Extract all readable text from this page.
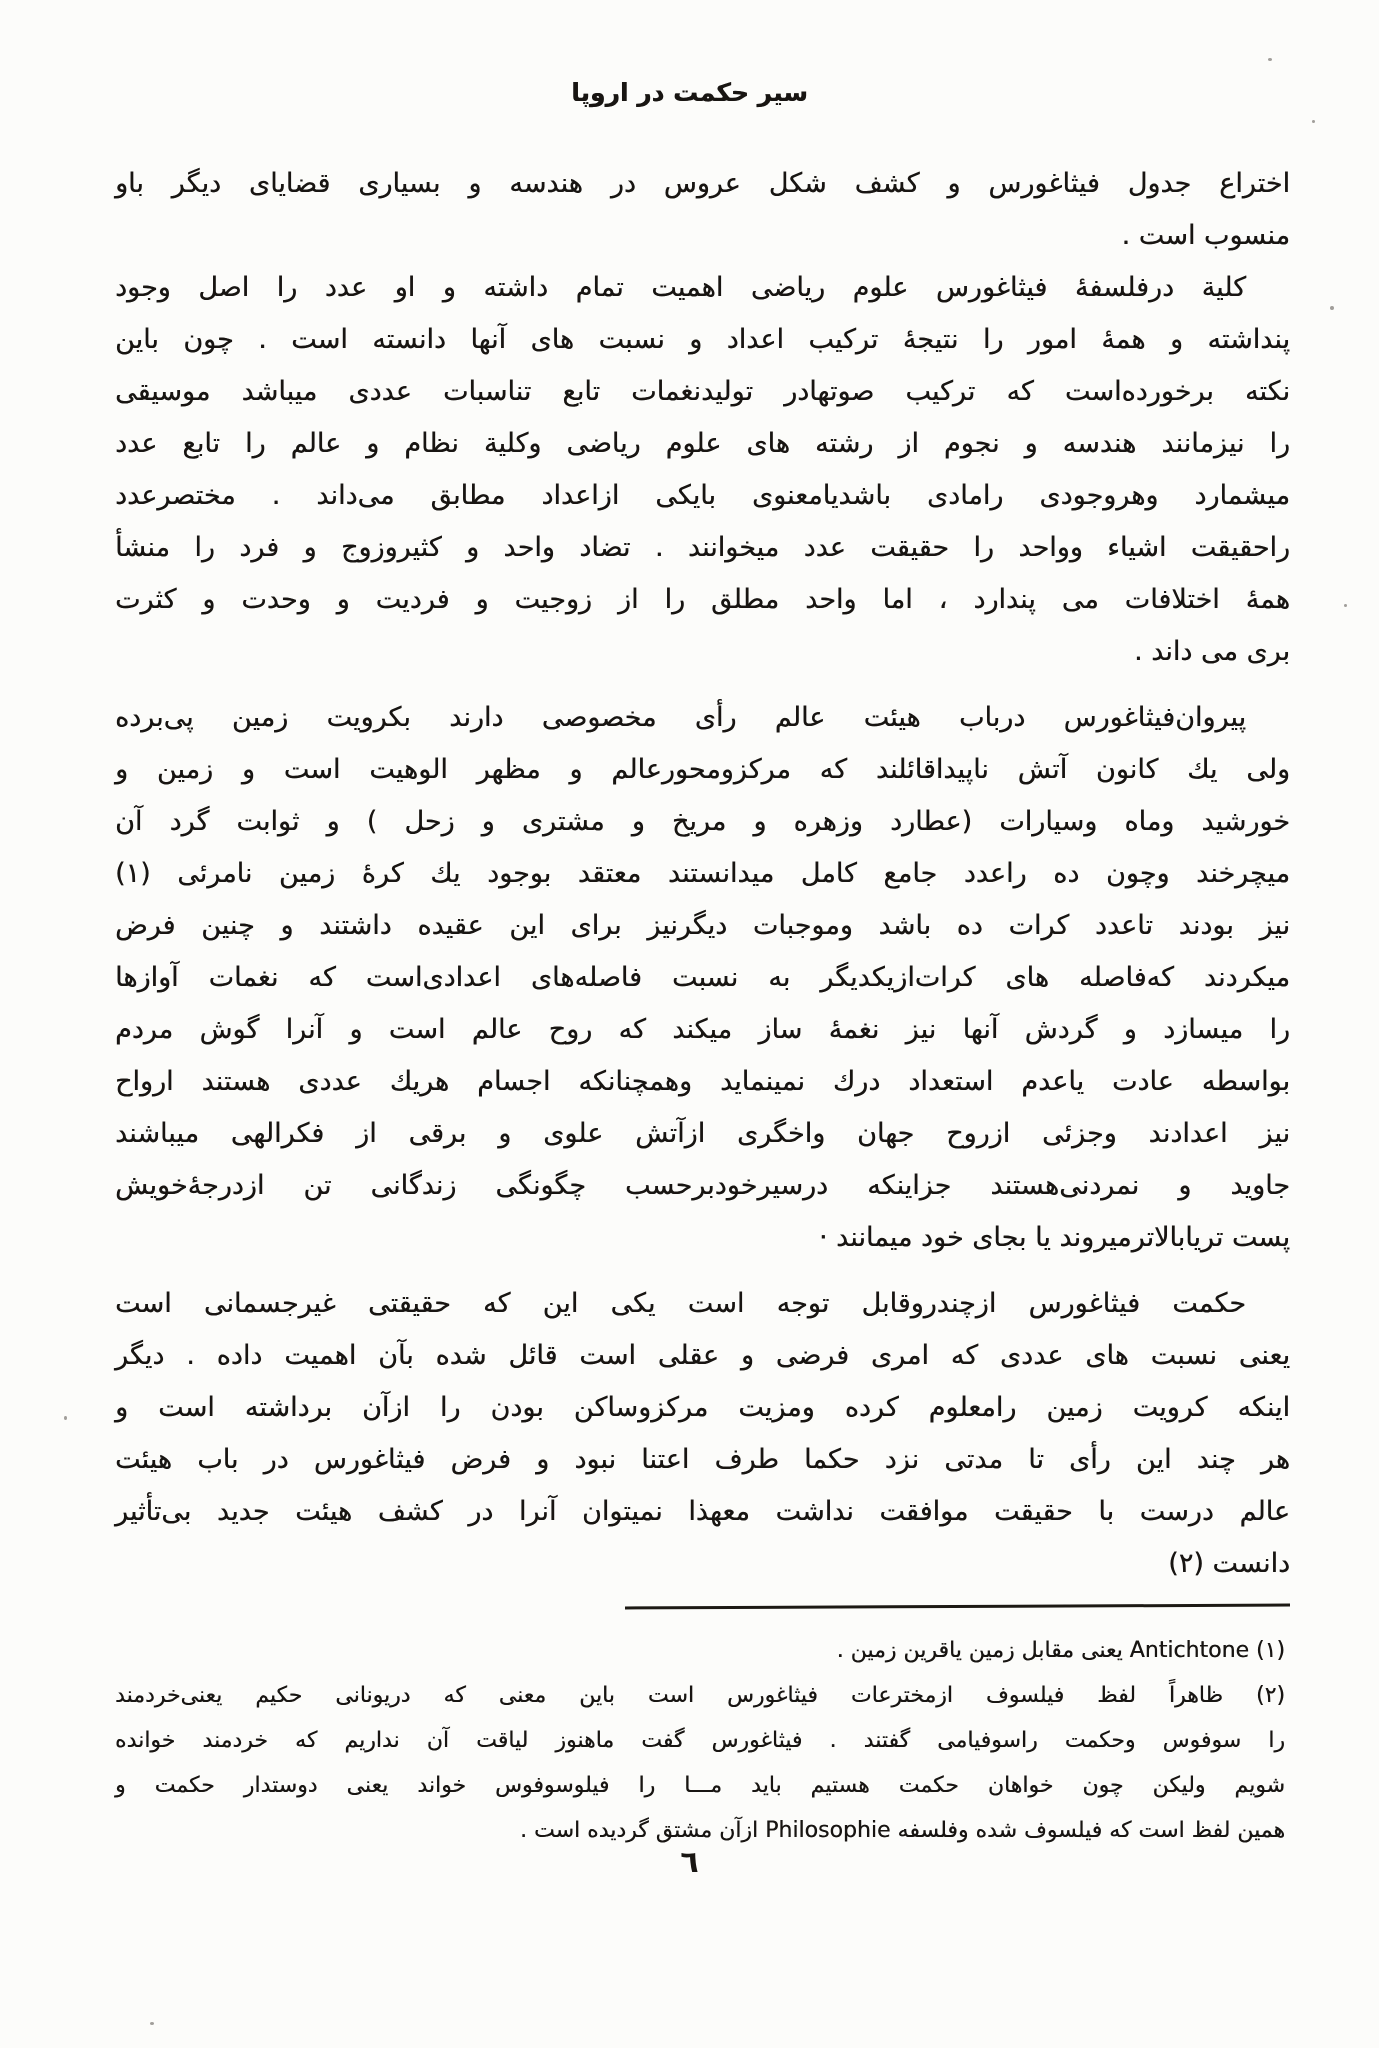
سیر حکمت در اروپا
اختراع جدول فیثاغورس و کشف شکل عروس در هندسه و بسیاری قضایای دیگر باو
منسوب است .
کلیة درفلسفهٔ فیثاغورس علوم ریاضی اهمیت تمام داشته و او عدد را اصل وجود
پنداشته و همهٔ امور را نتیجهٔ ترکیب اعداد و نسبت های آنها دانسته است . چون باین
نکته برخورده‌است که ترکیب صوتهادر تولیدنغمات تابع تناسبات عددی میباشد موسیقی
را نیزمانند هندسه و نجوم از رشته های علوم ریاضی وکلیة نظام و عالم را تابع عدد
میشمارد وهروجودی رامادی باشدیامعنوی بایکی ازاعداد مطابق می‌داند . مختصرعدد
راحقیقت اشیاء وواحد را حقیقت عدد میخوانند . تضاد واحد و کثیروزوج و فرد را منشأ
همهٔ اختلافات می پندارد ، اما واحد مطلق را از زوجیت و فردیت و وحدت و کثرت
بری می داند .
پیروان‌فیثاغورس درباب هیئت عالم رأی مخصوصی دارند بکرویت زمین پی‌برده
ولی یك کانون آتش ناپیداقائلند که مرکزومحورعالم و مظهر الوهیت است و زمین و
خورشید وماه وسیارات (عطارد وزهره و مریخ و مشتری و زحل ) و ثوابت گرد آن
میچرخند وچون ده راعدد جامع کامل میدانستند معتقد بوجود یك کرهٔ زمین نامرئی (۱)
نیز بودند تاعدد کرات ده باشد وموجبات دیگرنیز برای این عقیده داشتند و چنین فرض
میکردند که‌فاصله های کرات‌ازیکدیگر به نسبت فاصله‌های اعدادی‌است که نغمات آوازها
را میسازد و گردش آنها نیز نغمهٔ ساز میکند که روح عالم است و آنرا گوش مردم
بواسطه عادت یاعدم استعداد درك نمینماید وهمچنانکه اجسام هریك عددی هستند ارواح
نیز اعدادند وجزئی ازروح جهان واخگری ازآتش علوی و برقی از فکرالهی میباشند
جاوید و نمردنی‌هستند جزاینکه درسیرخودبرحسب چگونگی زندگانی تن ازدرجهٔ‌خویش
پست تریابالاترمیروند یا بجای خود میمانند ·
حکمت فیثاغورس ازچندروقابل توجه است یکی این که حقیقتی غیرجسمانی است
یعنی نسبت های عددی که امری فرضی و عقلی است قائل شده بآن اهمیت داده . دیگر
اینکه کرویت زمین رامعلوم کرده ومزیت مرکزوساکن بودن را ازآن برداشته است و
هر چند این رأی تا مدتی نزد حکما طرف اعتنا نبود و فرض فیثاغورس در باب هیئت
عالم درست با حقیقت موافقت نداشت معهذا نمیتوان آنرا در کشف هیئت جدید بی‌تأثیر
دانست (۲)
(۱) Antichtone یعنی مقابل زمین یاقرین زمین .
(۲) ظاهراً لفظ فیلسوف ازمخترعات فیثاغورس است باین معنی که دریونانی حکیم یعنی‌خردمند
را سوفوس وحکمت راسوفیامی گفتند . فیثاغورس گفت ماهنوز لیاقت آن نداریم که خردمند خوانده
شویم ولیکن چون خواهان حکمت هستیم باید مـــا را فیلوسوفوس خواند یعنی دوستدار حکمت و
همین لفظ است که فیلسوف شده وفلسفه Philosophie ازآن مشتق گردیده است .
٦
